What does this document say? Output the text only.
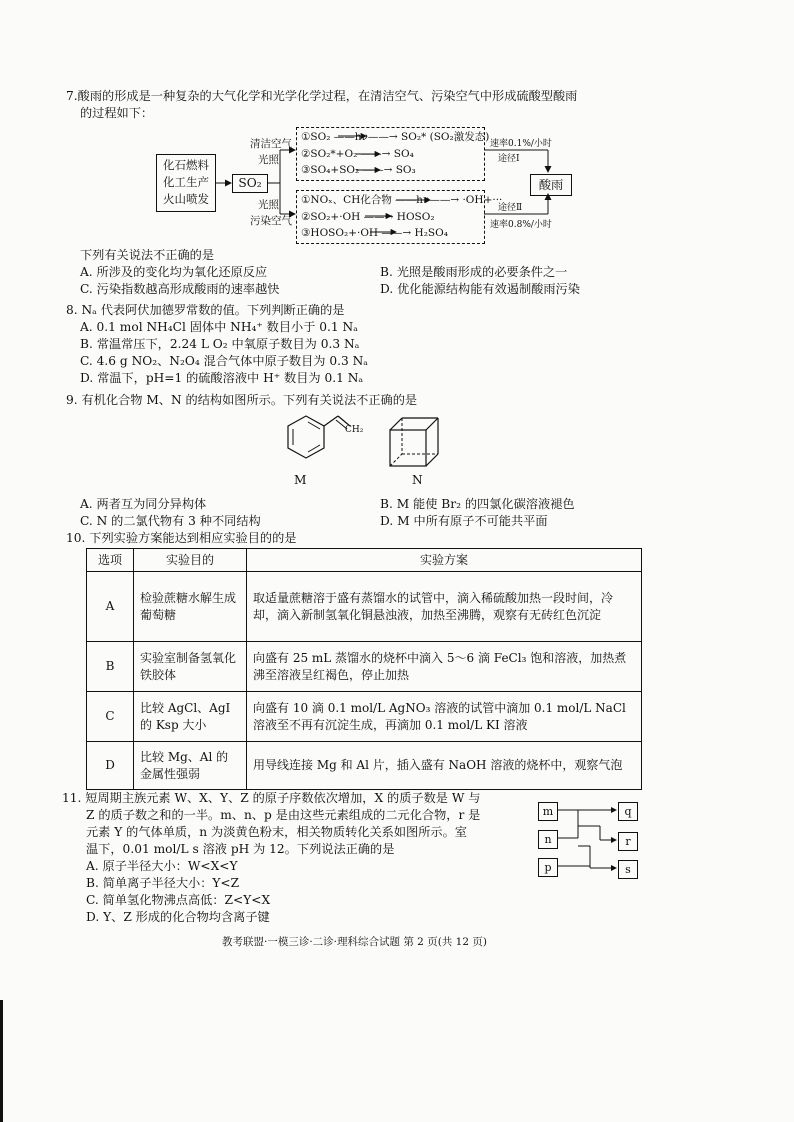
7.酸雨的形成是一种复杂的大气化学和光学化学过程，在清洁空气、污染空气中形成硫酸型酸雨
的过程如下：
化石燃料
化工生产
火山喷发
SO₂
清洁空气
光照
光照
污染空气
①SO₂ ——hν——→ SO₂* (SO₂激发态)
②SO₂*+O₂ ——→ SO₄
③SO₄+SO₂ ——→ SO₃
①NOₓ、CH化合物 ——hν——→ ·OH+···
②SO₂+·OH ——→ HOSO₂
③HOSO₂+·OH ——→ H₂SO₄
速率0.1%/小时
途径Ⅰ
酸雨
途径Ⅱ
速率0.8%/小时
下列有关说法不正确的是
A. 所涉及的变化均为氧化还原反应	B. 光照是酸雨形成的必要条件之一
C. 污染指数越高形成酸雨的速率越快	D. 优化能源结构能有效遏制酸雨污染
8. Nₐ 代表阿伏加德罗常数的值。下列判断正确的是
A. 0.1 mol NH₄Cl 固体中 NH₄⁺ 数目小于 0.1 Nₐ
B. 常温常压下，2.24 L O₂ 中氧原子数目为 0.3 Nₐ
C. 4.6 g NO₂、N₂O₄ 混合气体中原子数目为 0.3 Nₐ
D. 常温下，pH=1 的硫酸溶液中 H⁺ 数目为 0.1 Nₐ
9. 有机化合物 M、N 的结构如图所示。下列有关说法不正确的是
CH₂
M	N
A. 两者互为同分异构体	B. M 能使 Br₂ 的四氯化碳溶液褪色
C. N 的二氯代物有 3 种不同结构	D. M 中所有原子不可能共平面
10. 下列实验方案能达到相应实验目的的是
选项	实验目的	实验方案
A	检验蔗糖水解生成葡萄糖	取适量蔗糖溶于盛有蒸馏水的试管中，滴入稀硫酸加热一段时间，冷却，滴入新制氢氧化铜悬浊液，加热至沸腾，观察有无砖红色沉淀
B	实验室制备氢氧化铁胶体	向盛有 25 mL 蒸馏水的烧杯中滴入 5～6 滴 FeCl₃ 饱和溶液，加热煮沸至溶液呈红褐色，停止加热
C	比较 AgCl、AgI 的 Ksp 大小	向盛有 10 滴 0.1 mol/L AgNO₃ 溶液的试管中滴加 0.1 mol/L NaCl 溶液至不再有沉淀生成，再滴加 0.1 mol/L KI 溶液
D	比较 Mg、Al 的金属性强弱	用导线连接 Mg 和 Al 片，插入盛有 NaOH 溶液的烧杯中，观察气泡
11. 短周期主族元素 W、X、Y、Z 的原子序数依次增加，X 的质子数是 W 与
Z 的质子数之和的一半。m、n、p 是由这些元素组成的二元化合物，r 是
元素 Y 的气体单质，n 为淡黄色粉末，相关物质转化关系如图所示。室
温下，0.01 mol/L s 溶液 pH 为 12。下列说法正确的是
A. 原子半径大小：W<X<Y
B. 简单离子半径大小：Y<Z
C. 简单氢化物沸点高低：Z<Y<X
D. Y、Z 形成的化合物均含离子键
m
n
p
q
r
s
教考联盟·一模三诊·二诊·理科综合试题 第 2 页(共 12 页)
